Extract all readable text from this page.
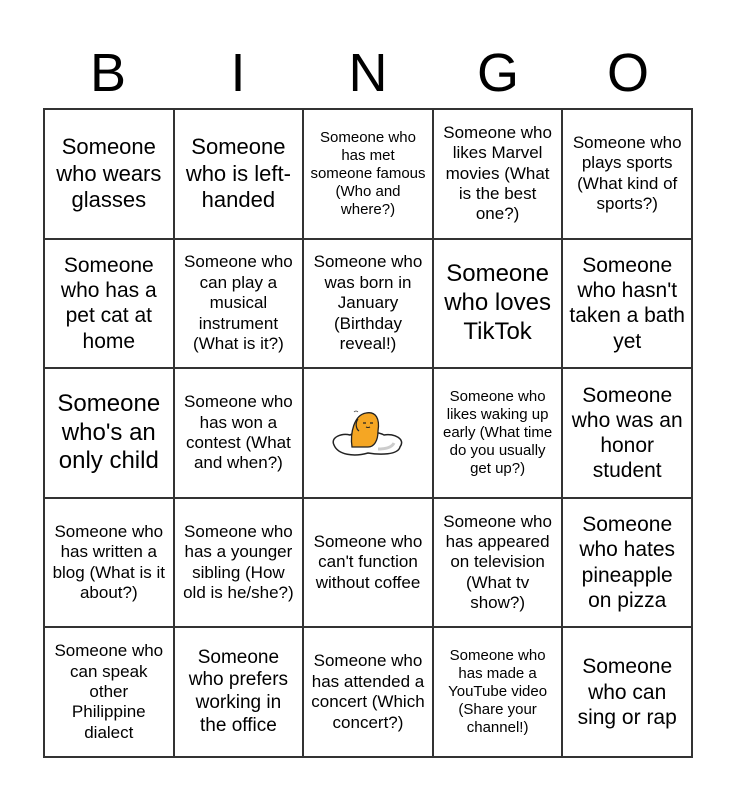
B	I	N	G	O
Someone who wears glasses
Someone who is left-handed
Someone who has met someone famous (Who and where?)
Someone who likes Marvel movies (What is the best one?)
Someone who plays sports (What kind of sports?)
Someone who has a pet cat at home
Someone who can play a musical instrument (What is it?)
Someone who was born in January (Birthday reveal!)
Someone who loves TikTok
Someone who hasn't taken a bath yet
Someone who's an only child
Someone who has won a contest (What and when?)
Someone who likes waking up early (What time do you usually get up?)
Someone who was an honor student
Someone who has written a blog (What is it about?)
Someone who has a younger sibling (How old is he/she?)
Someone who can't function without coffee
Someone who has appeared on television (What tv show?)
Someone who hates pineapple on pizza
Someone who can speak other Philippine dialect
Someone who prefers working in the office
Someone who has attended a concert (Which concert?)
Someone who has made a YouTube video (Share your channel!)
Someone who can sing or rap
